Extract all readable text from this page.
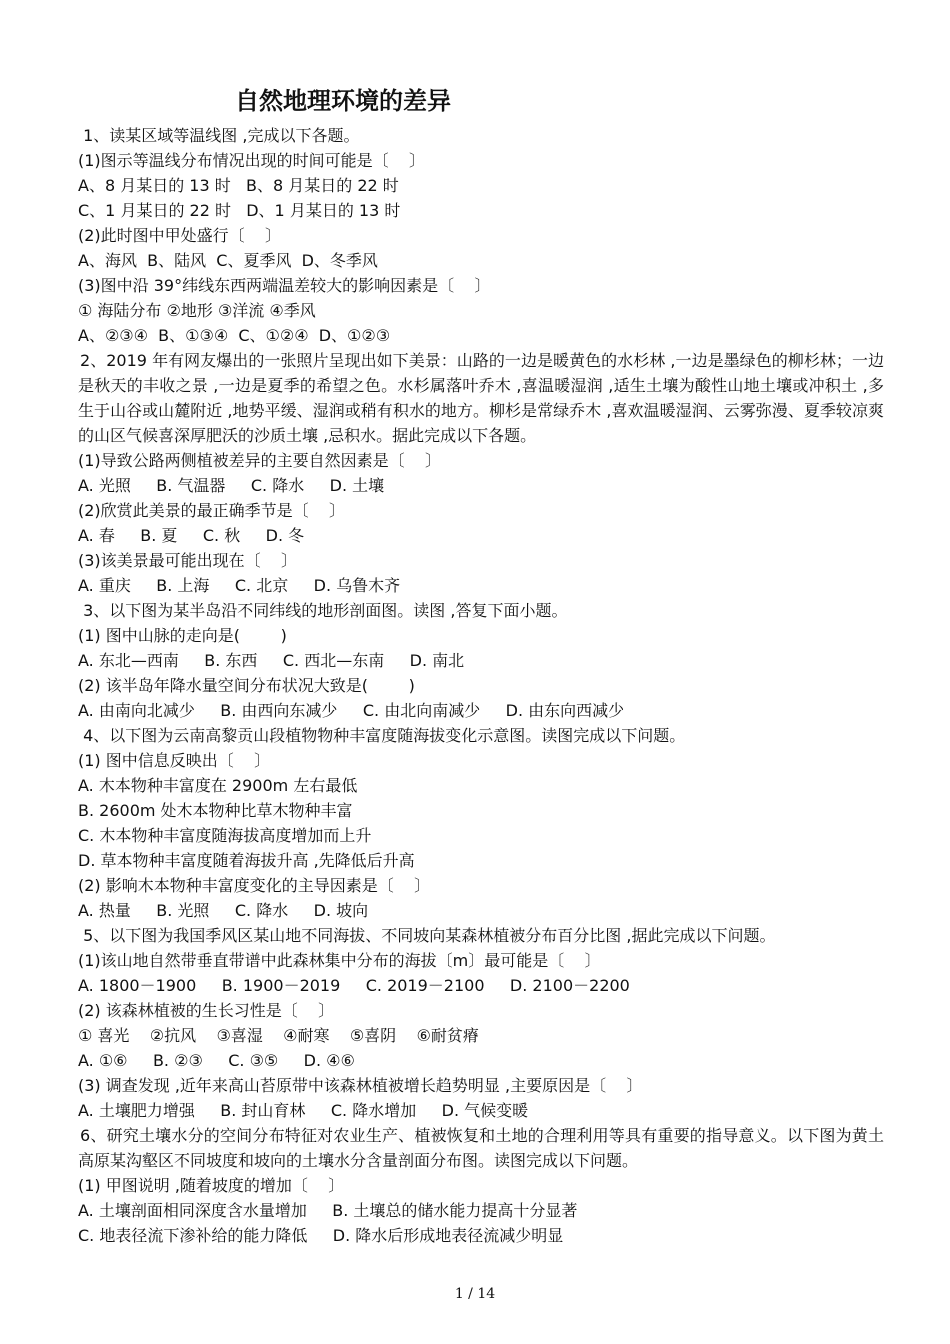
自然地理环境的差异
1、读某区域等温线图 ,完成以下各题。
(1)图示等温线分布情况出现的时间可能是〔    〕
A、8 月某日的 13 时   B、8 月某日的 22 时
C、1 月某日的 22 时   D、1 月某日的 13 时
(2)此时图中甲处盛行〔    〕
A、海风  B、陆风  C、夏季风  D、冬季风
(3)图中沿 39°纬线东西两端温差较大的影响因素是〔    〕
① 海陆分布 ②地形 ③洋流 ④季风
A、②③④  B、①③④  C、①②④  D、①②③
2、2019 年有网友爆出的一张照片呈现出如下美景：山路的一边是暖黄色的水杉林 ,一边是墨绿色的柳杉林；一边是秋天的丰收之景 ,一边是夏季的希望之色。水杉属落叶乔木 ,喜温暖湿润 ,适生土壤为酸性山地土壤或冲积土 ,多生于山谷或山麓附近 ,地势平缓、湿润或稍有积水的地方。柳杉是常绿乔木 ,喜欢温暖湿润、云雾弥漫、夏季较凉爽的山区气候喜深厚肥沃的沙质土壤 ,忌积水。据此完成以下各题。
(1)导致公路两侧植被差异的主要自然因素是〔    〕
A. 光照     B. 气温器     C. 降水     D. 土壤
(2)欣赏此美景的最正确季节是〔    〕
A. 春     B. 夏     C. 秋     D. 冬
(3)该美景最可能出现在〔    〕
A. 重庆     B. 上海     C. 北京     D. 乌鲁木齐
3、以下图为某半岛沿不同纬线的地形剖面图。读图 ,答复下面小题。
(1) 图中山脉的走向是(        )
A. 东北—西南     B. 东西     C. 西北—东南     D. 南北
(2) 该半岛年降水量空间分布状况大致是(        )
A. 由南向北减少     B. 由西向东减少     C. 由北向南减少     D. 由东向西减少
4、以下图为云南高黎贡山段植物物种丰富度随海拔变化示意图。读图完成以下问题。
(1) 图中信息反映出〔    〕
A. 木本物种丰富度在 2900m 左右最低
B. 2600m 处木本物种比草木物种丰富
C. 木本物种丰富度随海拔高度增加而上升
D. 草本物种丰富度随着海拔升高 ,先降低后升高
(2) 影响木本物种丰富度变化的主导因素是〔    〕
A. 热量     B. 光照     C. 降水     D. 坡向
5、以下图为我国季风区某山地不同海拔、不同坡向某森林植被分布百分比图 ,据此完成以下问题。
(1)该山地自然带垂直带谱中此森林集中分布的海拔〔m〕最可能是〔    〕
A. 1800－1900     B. 1900－2019     C. 2019－2100     D. 2100－2200
(2) 该森林植被的生长习性是〔    〕
① 喜光    ②抗风    ③喜湿    ④耐寒    ⑤喜阴    ⑥耐贫瘠
A. ①⑥     B. ②③     C. ③⑤     D. ④⑥
(3) 调查发现 ,近年来高山苔原带中该森林植被增长趋势明显 ,主要原因是〔    〕
A. 土壤肥力增强     B. 封山育林     C. 降水增加     D. 气候变暖
6、研究土壤水分的空间分布特征对农业生产、植被恢复和土地的合理利用等具有重要的指导意义。以下图为黄土高原某沟壑区不同坡度和坡向的土壤水分含量剖面分布图。读图完成以下问题。
(1) 甲图说明 ,随着坡度的增加〔    〕
A. 土壤剖面相同深度含水量增加     B. 土壤总的储水能力提高十分显著
C. 地表径流下渗补给的能力降低     D. 降水后形成地表径流减少明显
1 / 14
